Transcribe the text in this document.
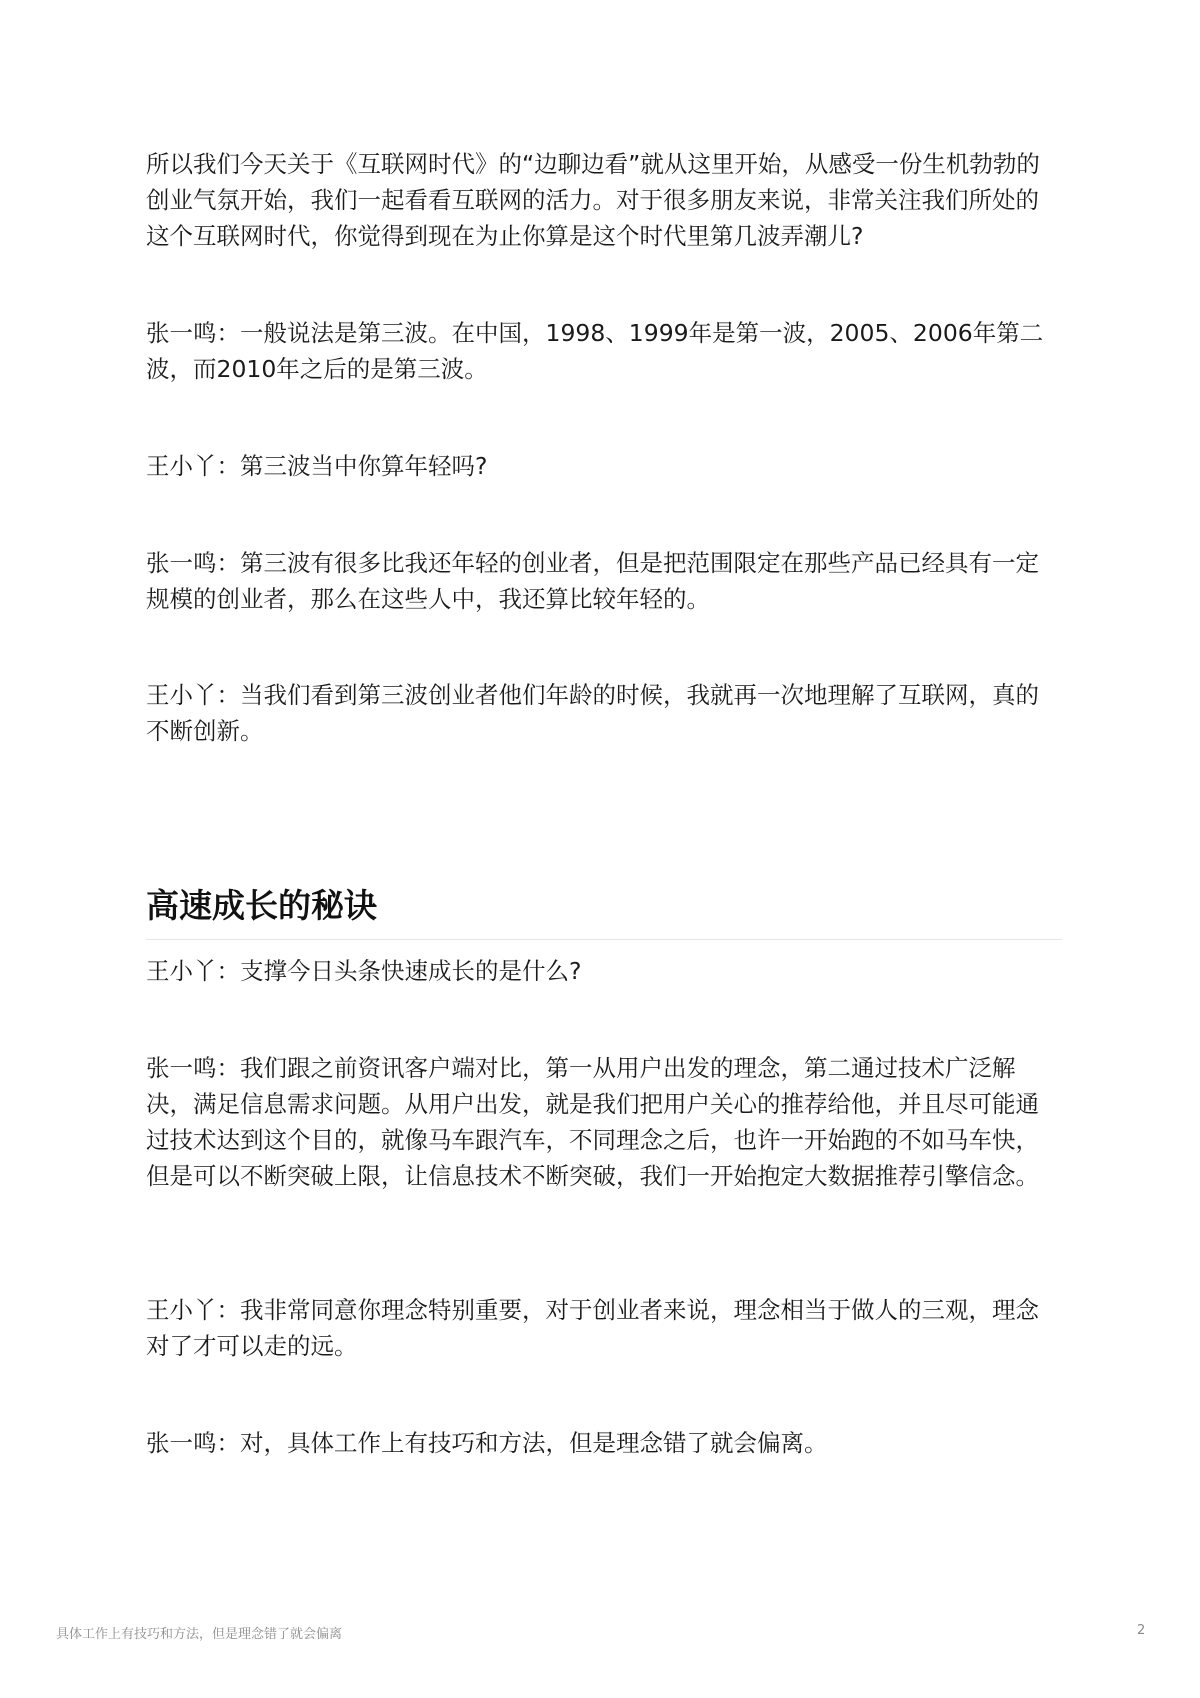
所以我们今天关于《互联网时代》的“边聊边看”就从这里开始，从感受一份生机勃勃的创业气氛开始，我们一起看看互联网的活力。对于很多朋友来说，非常关注我们所处的这个互联网时代，你觉得到现在为止你算是这个时代里第几波弄潮儿?

张一鸣：一般说法是第三波。在中国，1998、1999年是第一波，2005、2006年第二波，而2010年之后的是第三波。

王小丫：第三波当中你算年轻吗?

张一鸣：第三波有很多比我还年轻的创业者，但是把范围限定在那些产品已经具有一定规模的创业者，那么在这些人中，我还算比较年轻的。

王小丫：当我们看到第三波创业者他们年龄的时候，我就再一次地理解了互联网，真的不断创新。

高速成长的秘诀

王小丫：支撑今日头条快速成长的是什么?

张一鸣：我们跟之前资讯客户端对比，第一从用户出发的理念，第二通过技术广泛解决，满足信息需求问题。从用户出发，就是我们把用户关心的推荐给他，并且尽可能通过技术达到这个目的，就像马车跟汽车，不同理念之后，也许一开始跑的不如马车快，但是可以不断突破上限，让信息技术不断突破，我们一开始抱定大数据推荐引擎信念。

王小丫：我非常同意你理念特别重要，对于创业者来说，理念相当于做人的三观，理念对了才可以走的远。

张一鸣：对，具体工作上有技巧和方法，但是理念错了就会偏离。

具体工作上有技巧和方法，但是理念错了就会偏离	2
